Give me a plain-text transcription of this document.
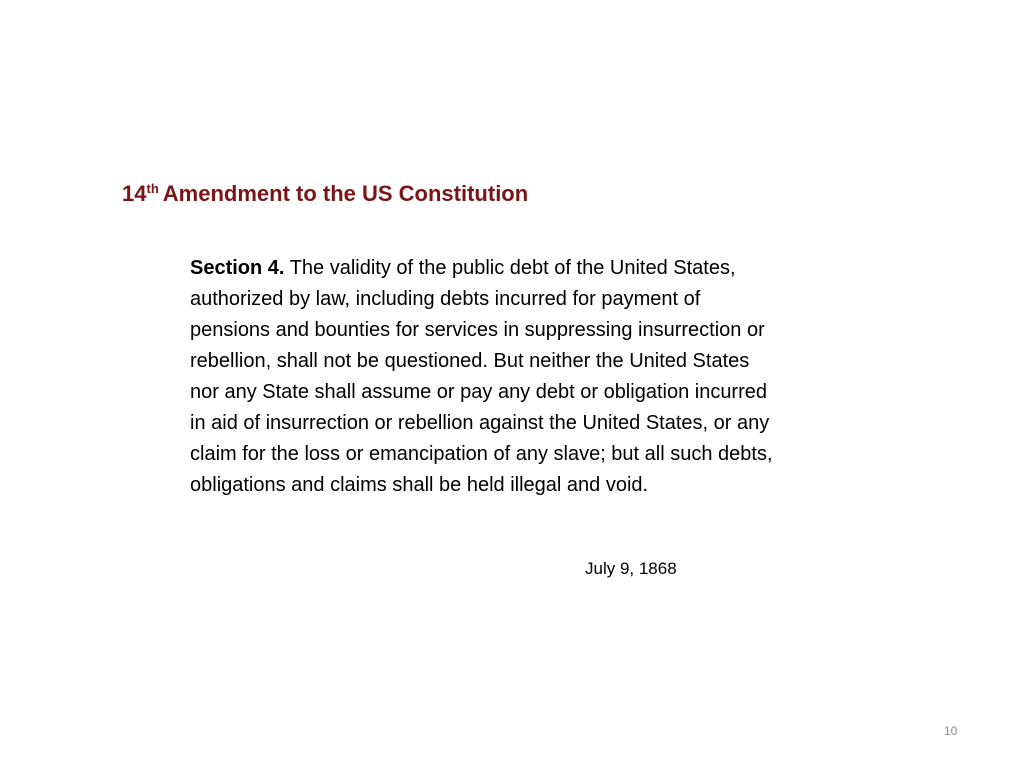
14th Amendment to the US Constitution

Section 4. The validity of the public debt of the United States, authorized by law, including debts incurred for payment of pensions and bounties for services in suppressing insurrection or rebellion, shall not be questioned. But neither the United States nor any State shall assume or pay any debt or obligation incurred in aid of insurrection or rebellion against the United States, or any claim for the loss or emancipation of any slave; but all such debts, obligations and claims shall be held illegal and void.

July 9, 1868
10
